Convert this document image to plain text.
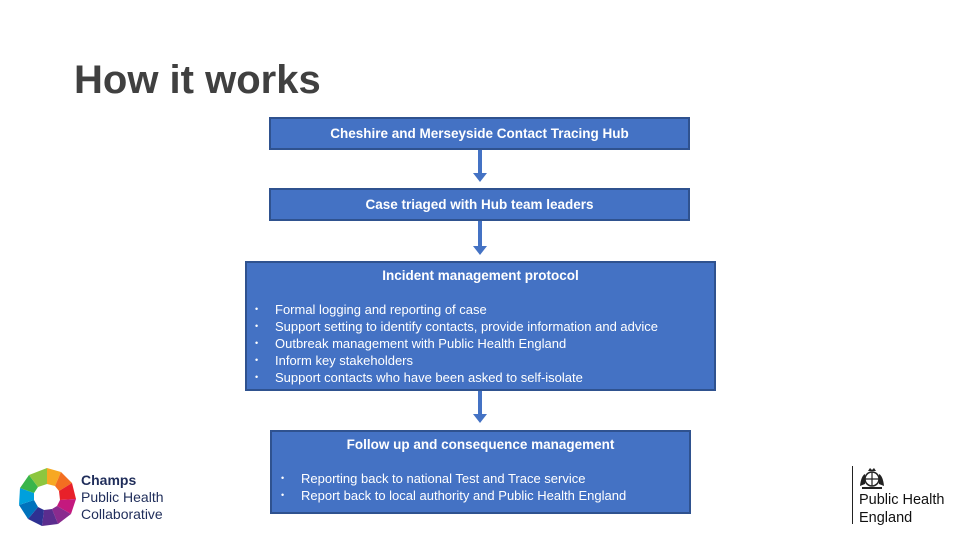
How it works
Cheshire and Merseyside Contact Tracing Hub
Case triaged with Hub team leaders
Incident management protocol
• Formal logging and reporting of case
• Support setting to identify contacts, provide information and advice
• Outbreak management with Public Health England
• Inform key stakeholders
• Support contacts who have been asked to self-isolate
Follow up and consequence management
• Reporting back to national Test and Trace service
• Report back to local authority and Public Health England
Champs
Public Health
Collaborative
Public Health
England
